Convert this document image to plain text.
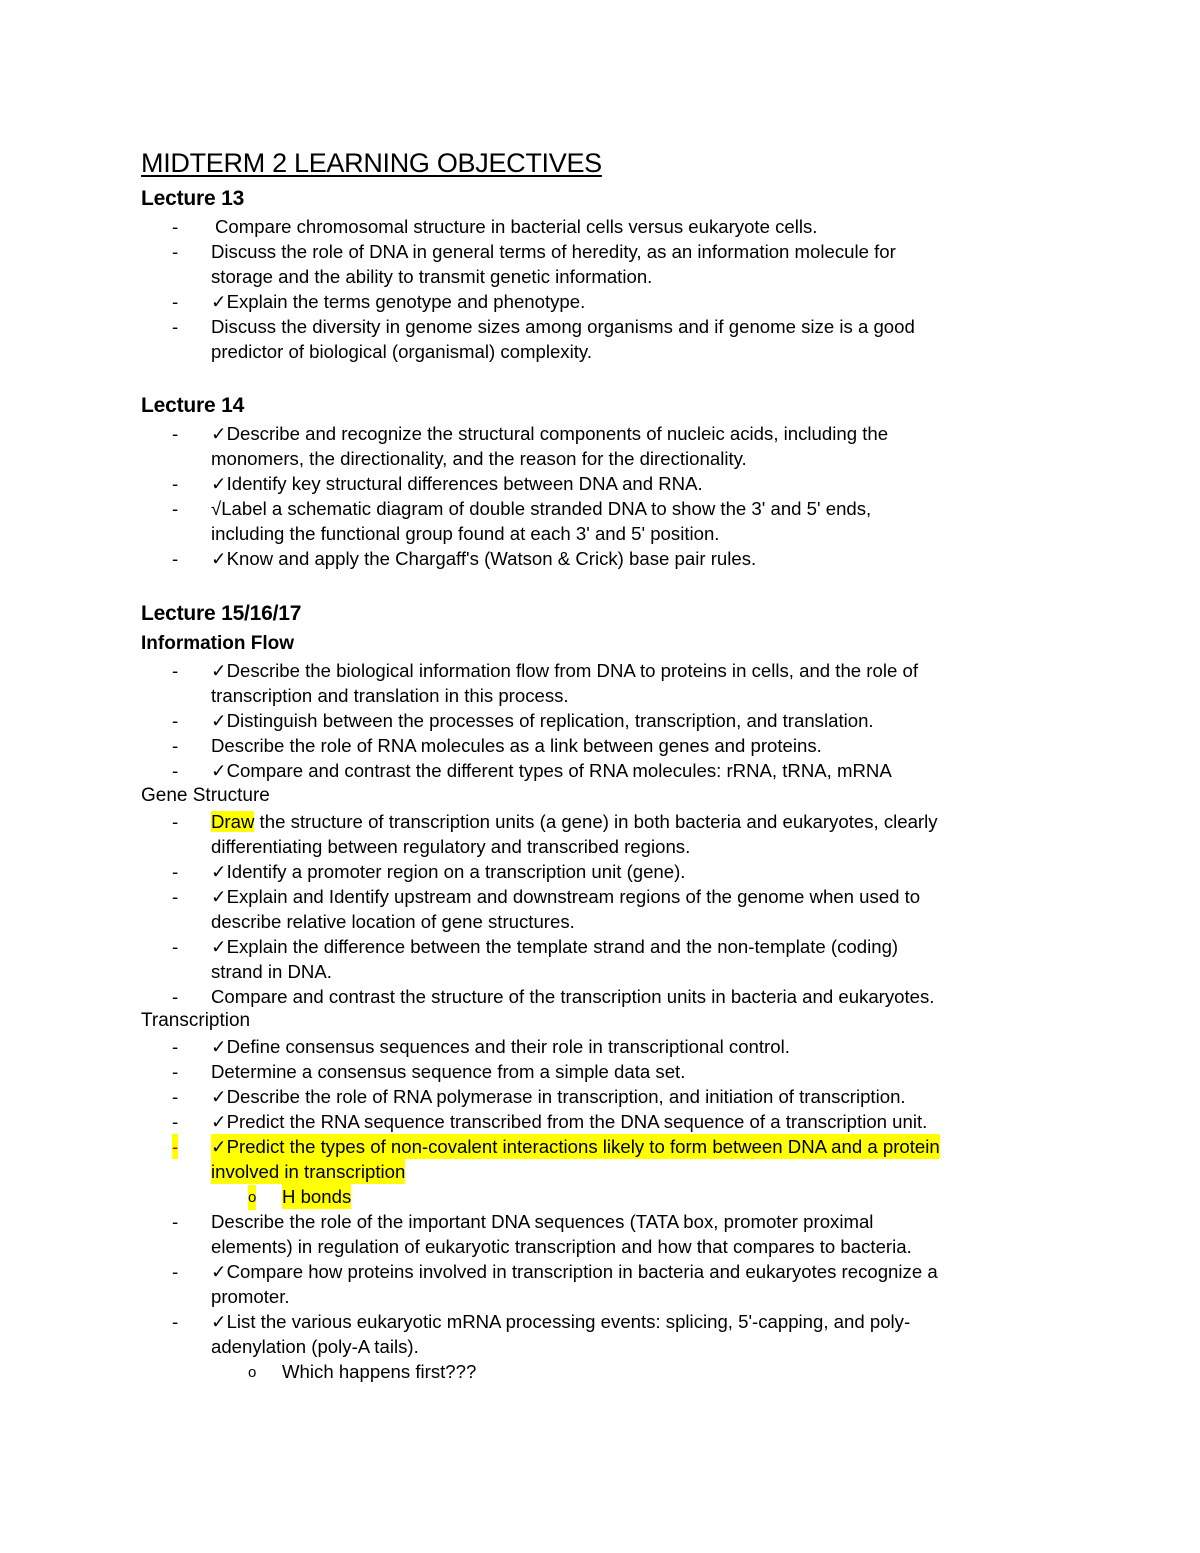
MIDTERM 2 LEARNING OBJECTIVES
Lecture 13
- Compare chromosomal structure in bacterial cells versus eukaryote cells.
- Discuss the role of DNA in general terms of heredity, as an information molecule for
storage and the ability to transmit genetic information.
- ✓Explain the terms genotype and phenotype.
- Discuss the diversity in genome sizes among organisms and if genome size is a good
predictor of biological (organismal) complexity.
Lecture 14
- ✓Describe and recognize the structural components of nucleic acids, including the
monomers, the directionality, and the reason for the directionality.
- ✓Identify key structural differences between DNA and RNA.
- √Label a schematic diagram of double stranded DNA to show the 3' and 5' ends,
including the functional group found at each 3' and 5' position.
- ✓Know and apply the Chargaff's (Watson & Crick) base pair rules.
Lecture 15/16/17
Information Flow
- ✓Describe the biological information flow from DNA to proteins in cells, and the role of
transcription and translation in this process.
- ✓Distinguish between the processes of replication, transcription, and translation.
- Describe the role of RNA molecules as a link between genes and proteins.
- ✓Compare and contrast the different types of RNA molecules: rRNA, tRNA, mRNA
Gene Structure
- Draw the structure of transcription units (a gene) in both bacteria and eukaryotes, clearly
differentiating between regulatory and transcribed regions.
- ✓Identify a promoter region on a transcription unit (gene).
- ✓Explain and Identify upstream and downstream regions of the genome when used to
describe relative location of gene structures.
- ✓Explain the difference between the template strand and the non-template (coding)
strand in DNA.
- Compare and contrast the structure of the transcription units in bacteria and eukaryotes.
Transcription
- ✓Define consensus sequences and their role in transcriptional control.
- Determine a consensus sequence from a simple data set.
- ✓Describe the role of RNA polymerase in transcription, and initiation of transcription.
- ✓Predict the RNA sequence transcribed from the DNA sequence of a transcription unit.
- ✓Predict the types of non-covalent interactions likely to form between DNA and a protein
involved in transcription
o H bonds
- Describe the role of the important DNA sequences (TATA box, promoter proximal
elements) in regulation of eukaryotic transcription and how that compares to bacteria.
- ✓Compare how proteins involved in transcription in bacteria and eukaryotes recognize a
promoter.
- ✓List the various eukaryotic mRNA processing events: splicing, 5'-capping, and poly-
adenylation (poly-A tails).
o Which happens first???
